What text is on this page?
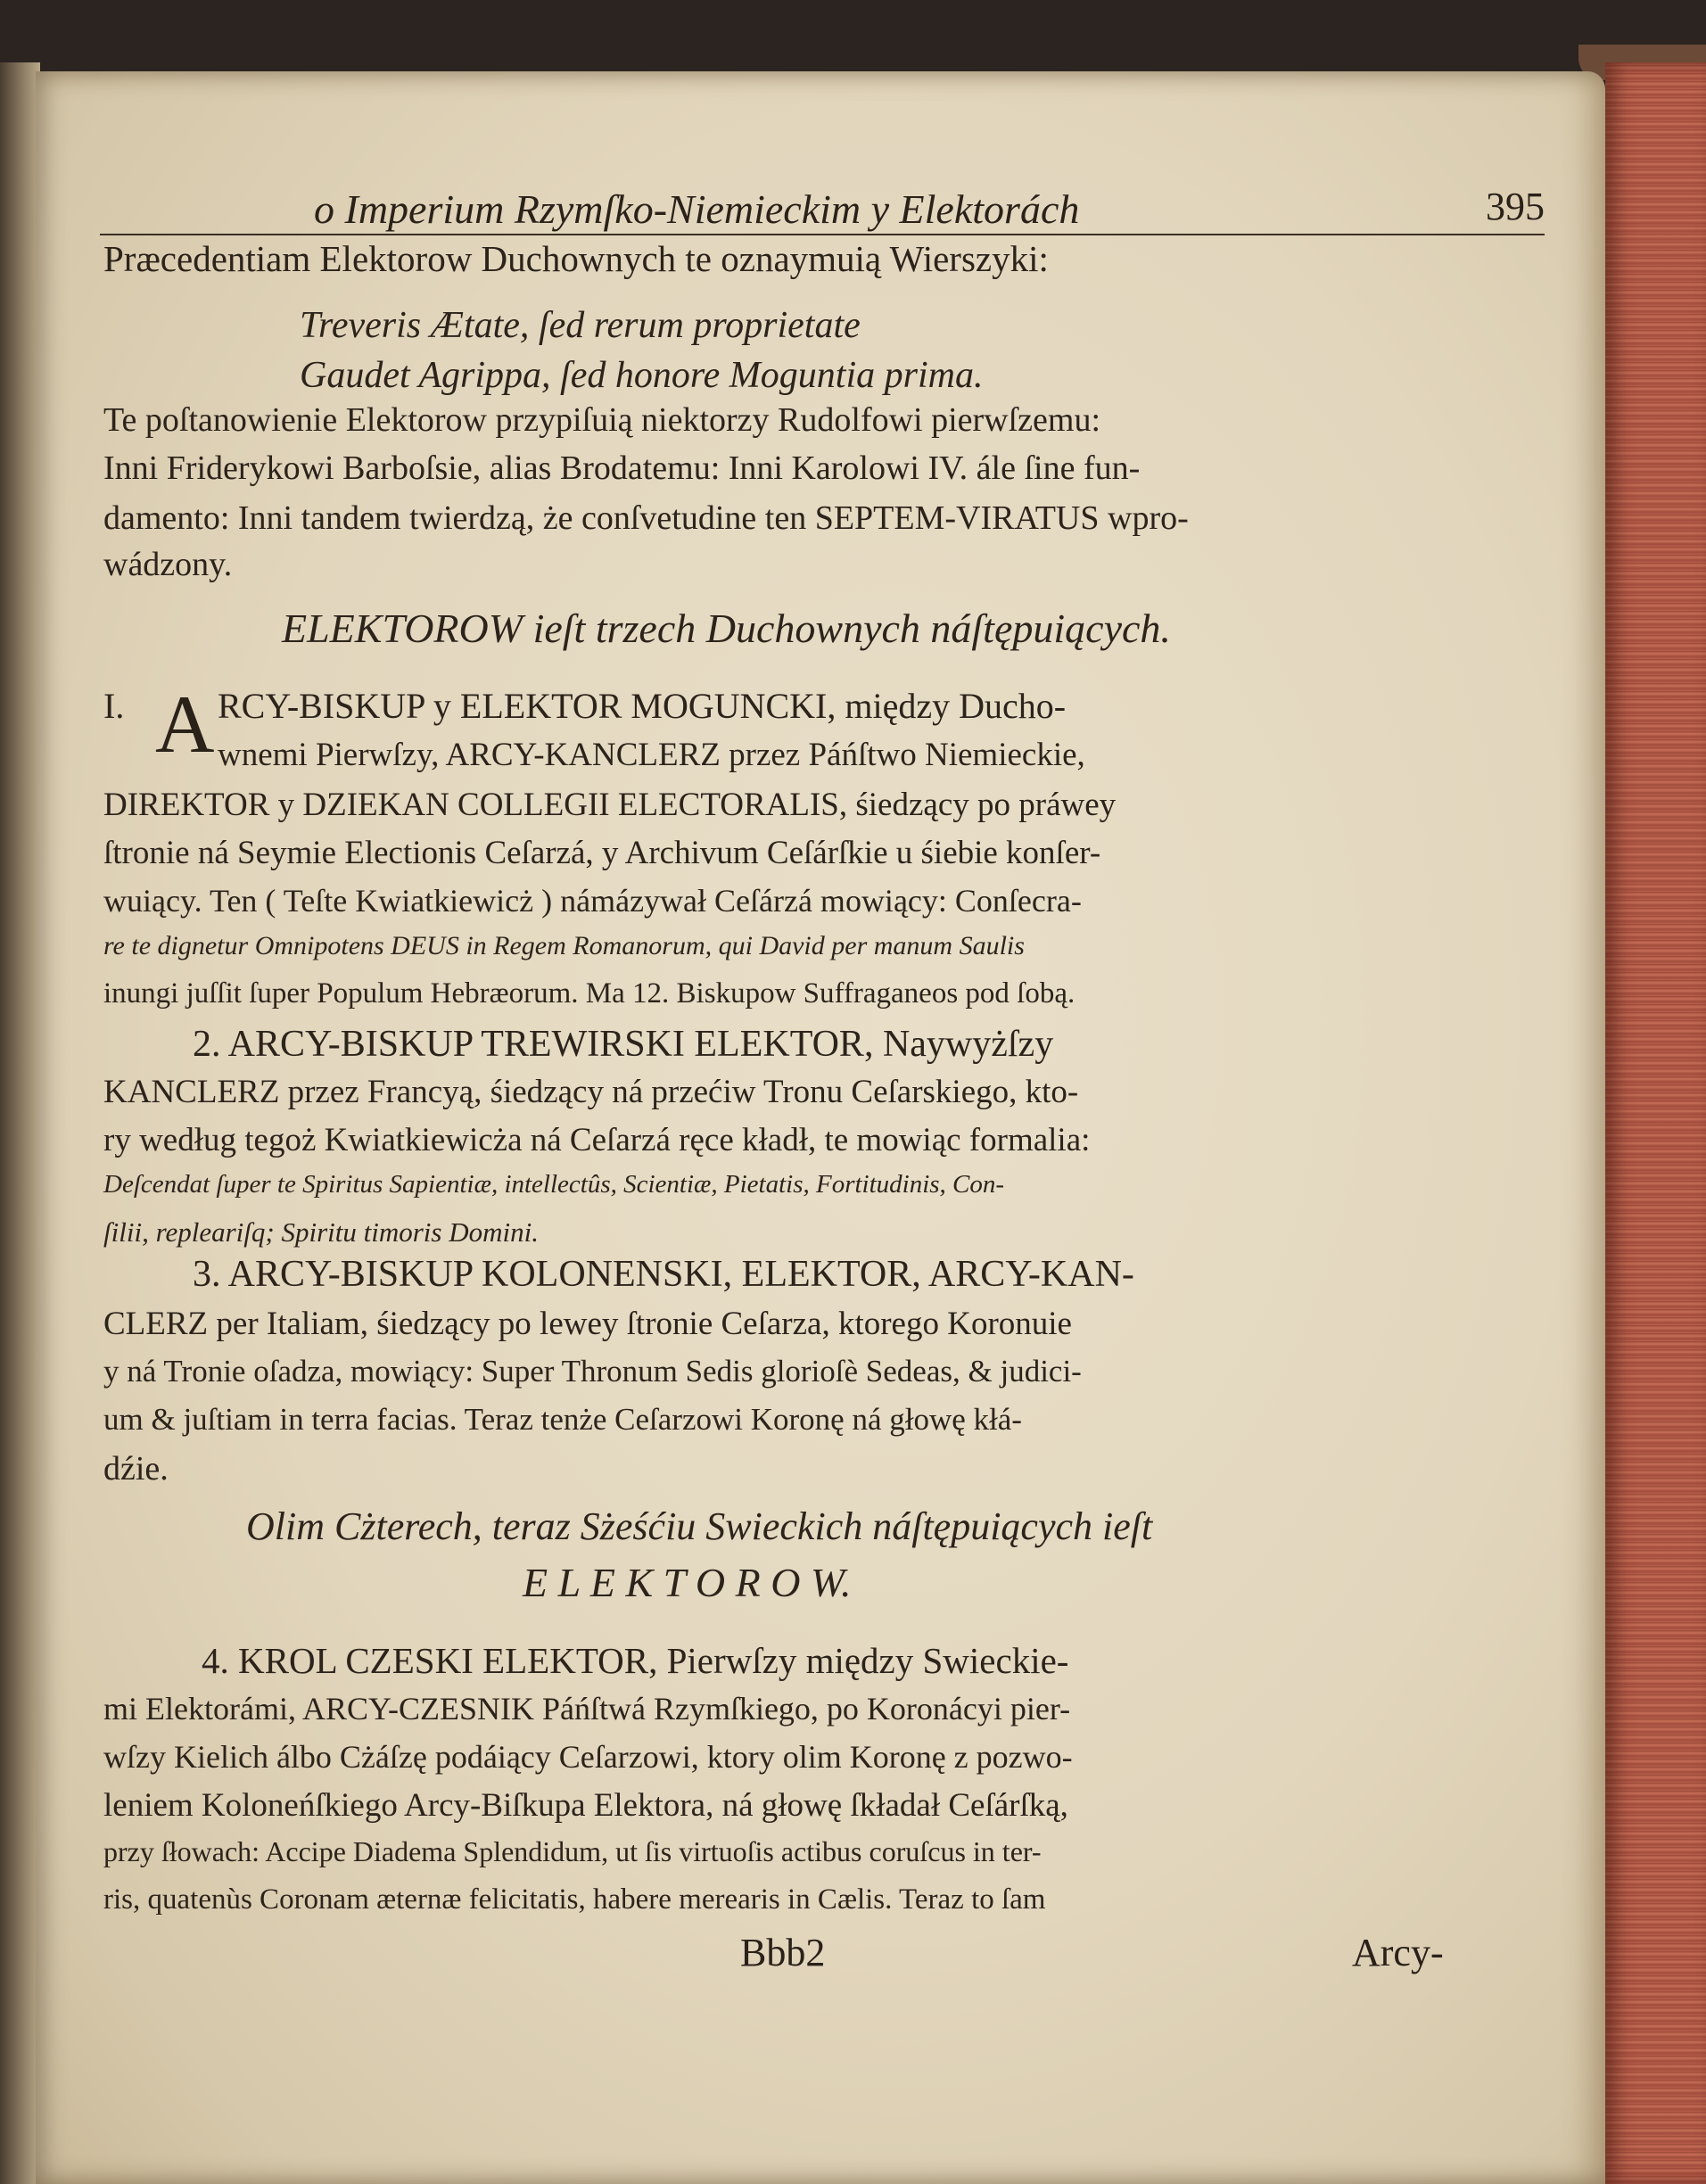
o Imperium Rzymſko-Niemieckim y Elektorách	395
Præcedentiam Elektorow Duchownych te oznaymuią Wierszyki:
Treveris Ætate, ſed rerum proprietate
Gaudet Agrippa, ſed honore Moguntia prima.
Te poſtanowienie Elektorow przypiſuią niektorzy Rudolfowi pierwſzemu:
Inni Friderykowi Barboſsie, alias Brodatemu: Inni Karolowi IV. ále ſine fun-
damento: Inni tandem twierdzą, że conſvetudine ten SEPTEM-VIRATUS wpro-
wádzony.
ELEKTOROW ieſt trzech Duchownych náſtępuiących.
I. A RCY-BISKUP y ELEKTOR MOGUNCKI, między Ducho-
wnemi Pierwſzy, ARCY-KANCLERZ przez Páńſtwo Niemieckie,
DIREKTOR y DZIEKAN COLLEGII ELECTORALIS, śiedzący po práwey
ſtronie ná Seymie Electionis Ceſarzá, y Archivum Ceſárſkie u śiebie konſer-
wuiący. Ten ( Teſte Kwiatkiewicż ) námázywał Ceſárzá mowiący: Conſecra-
re te dignetur Omnipotens DEUS in Regem Romanorum, qui David per manum Saulis
inungi juſſit ſuper Populum Hebræorum. Ma 12. Biskupow Suffraganeos pod ſobą.
2. ARCY-BISKUP TREWIRSKI ELEKTOR, Naywyżſzy
KANCLERZ przez Francyą, śiedzący ná przećiw Tronu Ceſarskiego, kto-
ry według tegoż Kwiatkiewicża ná Ceſarzá ręce kładł, te mowiąc formalia:
Deſcendat ſuper te Spiritus Sapientiæ, intellectûs, Scientiæ, Pietatis, Fortitudinis, Con-
ſilii, repleariſq; Spiritu timoris Domini.
3. ARCY-BISKUP KOLONENSKI, ELEKTOR, ARCY-KAN-
CLERZ per Italiam, śiedzący po lewey ſtronie Ceſarza, ktorego Koronuie
y ná Tronie oſadza, mowiący: Super Thronum Sedis glorioſè Sedeas, & judici-
um & juſtiam in terra facias. Teraz tenże Ceſarzowi Koronę ná głowę kłá-
dźie.
Olim Cżterech, teraz Sżeśćiu Swieckich náſtępuiących ieſt
E L E K T O R O W.
4. KROL CZESKI ELEKTOR, Pierwſzy między Swieckie-
mi Elektorámi, ARCY-CZESNIK Páńſtwá Rzymſkiego, po Koronácyi pier-
wſzy Kielich álbo Cżáſzę podáiący Ceſarzowi, ktory olim Koronę z pozwo-
leniem Koloneńſkiego Arcy-Biſkupa Elektora, ná głowę ſkładał Ceſárſką,
przy ſłowach: Accipe Diadema Splendidum, ut ſis virtuoſis actibus coruſcus in ter-
ris, quatenùs Coronam æternæ felicitatis, habere merearis in Cælis. Teraz to ſam
Bbb2	Arcy-
